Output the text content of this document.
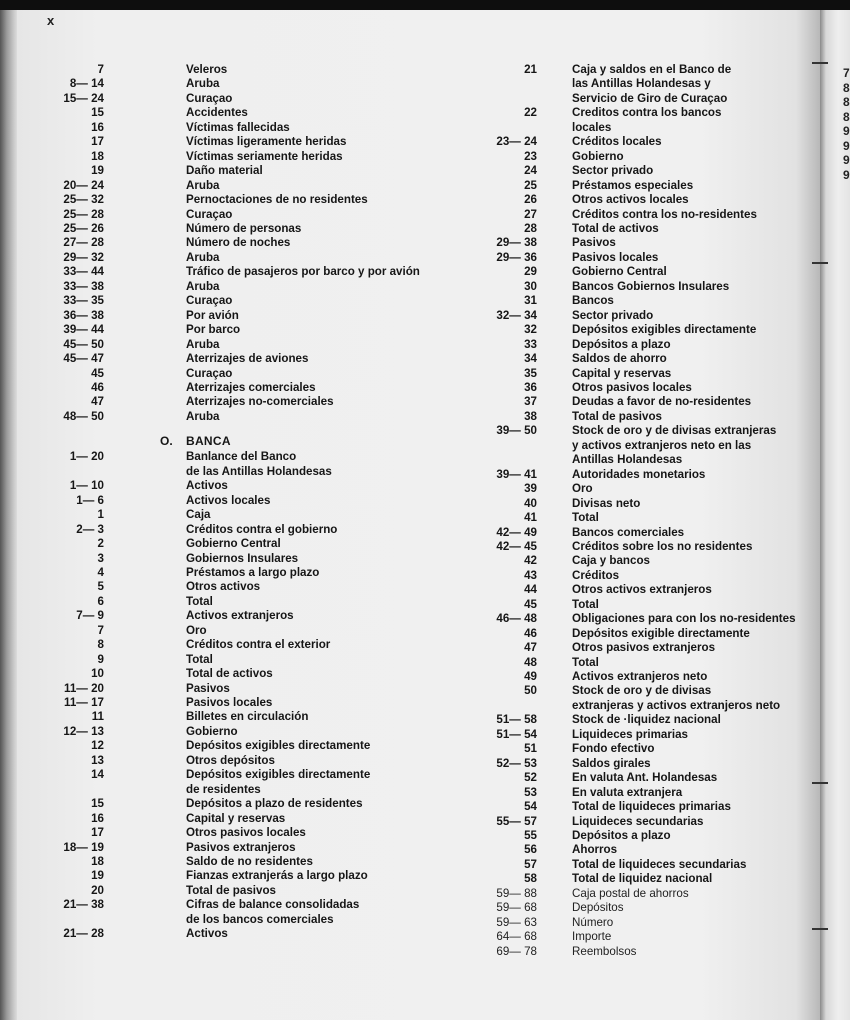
x
7	Veleros
8— 14	Aruba
15— 24	Curaçao
15	Accidentes
16	Víctimas fallecidas
17	Víctimas ligeramente heridas
18	Víctimas seriamente heridas
19	Daño material
20— 24	Aruba
25— 32	Pernoctaciones de no residentes
25— 28	Curaçao
25— 26	Número de personas
27— 28	Número de noches
29— 32	Aruba
33— 44	Tráfico de pasajeros por barco y por avión
33— 38	Aruba
33— 35	Curaçao
36— 38	Por avión
39— 44	Por barco
45— 50	Aruba
45— 47	Aterrizajes de aviones
45	Curaçao
46	Aterrizajes comerciales
47	Aterrizajes no-comerciales
48— 50	Aruba
O. BANCA
1— 20	Banlance del Banco
de las Antillas Holandesas
1— 10	Activos
1— 6	Activos locales
1	Caja
2— 3	Créditos contra el gobierno
2	Gobierno Central
3	Gobiernos Insulares
4	Préstamos a largo plazo
5	Otros activos
6	Total
7— 9	Activos extranjeros
7	Oro
8	Créditos contra el exterior
9	Total
10	Total de activos
11— 20	Pasivos
11— 17	Pasivos locales
11	Billetes en circulación
12— 13	Gobierno
12	Depósitos exigibles directamente
13	Otros depósitos
14	Depósitos exigibles directamente
de residentes
15	Depósitos a plazo de residentes
16	Capital y reservas
17	Otros pasivos locales
18— 19	Pasivos extranjeros
18	Saldo de no residentes
19	Fianzas extranjerás a largo plazo
20	Total de pasivos
21— 38	Cifras de balance consolidadas
de los bancos comerciales
21— 28	Activos
21	Caja y saldos en el Banco de
las Antillas Holandesas y
Servicio de Giro de Curaçao
22	Creditos contra los bancos
locales
23— 24	Créditos locales
23	Gobierno
24	Sector privado
25	Préstamos especiales
26	Otros activos locales
27	Créditos contra los no-residentes
28	Total de activos
29— 38	Pasivos
29— 36	Pasivos locales
29	Gobierno Central
30	Bancos Gobiernos Insulares
31	Bancos
32— 34	Sector privado
32	Depósitos exigibles directamente
33	Depósitos a plazo
34	Saldos de ahorro
35	Capital y reservas
36	Otros pasivos locales
37	Deudas a favor de no-residentes
38	Total de pasivos
39— 50	Stock de oro y de divisas extranjeras
y activos extranjeros neto en las
Antillas Holandesas
39— 41	Autoridades monetarios
39	Oro
40	Divisas neto
41	Total
42— 49	Bancos comerciales
42— 45	Créditos sobre los no residentes
42	Caja y bancos
43	Créditos
44	Otros activos extranjeros
45	Total
46— 48	Obligaciones para con los no-residentes
46	Depósitos exigible directamente
47	Otros pasivos extranjeros
48	Total
49	Activos extranjeros neto
50	Stock de oro y de divisas
extranjeras y activos extranjeros neto
51— 58	Stock de ·liquidez nacional
51— 54	Liquideces primarias
51	Fondo efectivo
52— 53	Saldos girales
52	En valuta Ant. Holandesas
53	En valuta extranjera
54	Total de liquideces primarias
55— 57	Liquideces secundarias
55	Depósitos a plazo
56	Ahorros
57	Total de liquideces secundarias
58	Total de liquidez nacional
59— 88	Caja postal de ahorros
59— 68	Depósitos
59— 63	Número
64— 68	Importe
69— 78	Reembolsos
7
8
8
8
9
9
9
9
